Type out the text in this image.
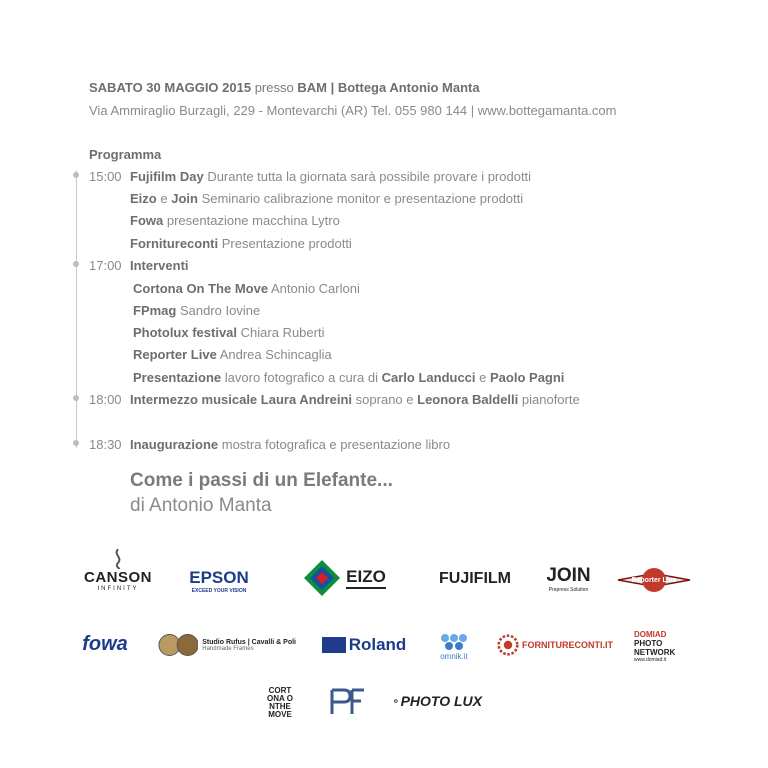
SABATO 30 MAGGIO 2015 presso BAM | Bottega Antonio Manta
Via Ammiraglio Burzagli, 229 - Montevarchi (AR) Tel. 055 980 144 | www.bottegamanta.com
Programma
15:00 Fujifilm Day Durante tutta la giornata sarà possibile provare i prodotti
Eizo e Join Seminario calibrazione monitor e presentazione prodotti
Fowa presentazione macchina Lytro
Fornitureconti Presentazione prodotti
17:00 Interventi
Cortona On The Move Antonio Carloni
FPmag Sandro Iovine
Photolux festival Chiara Ruberti
Reporter Live Andrea Schincaglia
Presentazione lavoro fotografico a cura di Carlo Landucci e Paolo Pagni
18:00 Intermezzo musicale Laura Andreini soprano e Leonora Baldelli pianoforte
18:30 Inaugurazione mostra fotografica e presentazione libro
Come i passi di un Elefante...
di Antonio Manta
CANSON
INFINITY
EPSON
EXCEED YOUR VISION
EIZO	FUJIFILM	JOIN
Prepress Solution
Reporter Live
fowa	Studio Rufus | Cavalli & Poli
Handmade Frames	Roland
omnik.it
FORNITURECONTI.IT
DOMIAD
PHOTO
NETWORK
www.domiad.it
CORT ONA O NTHE MOVE
PHOTO LUX
